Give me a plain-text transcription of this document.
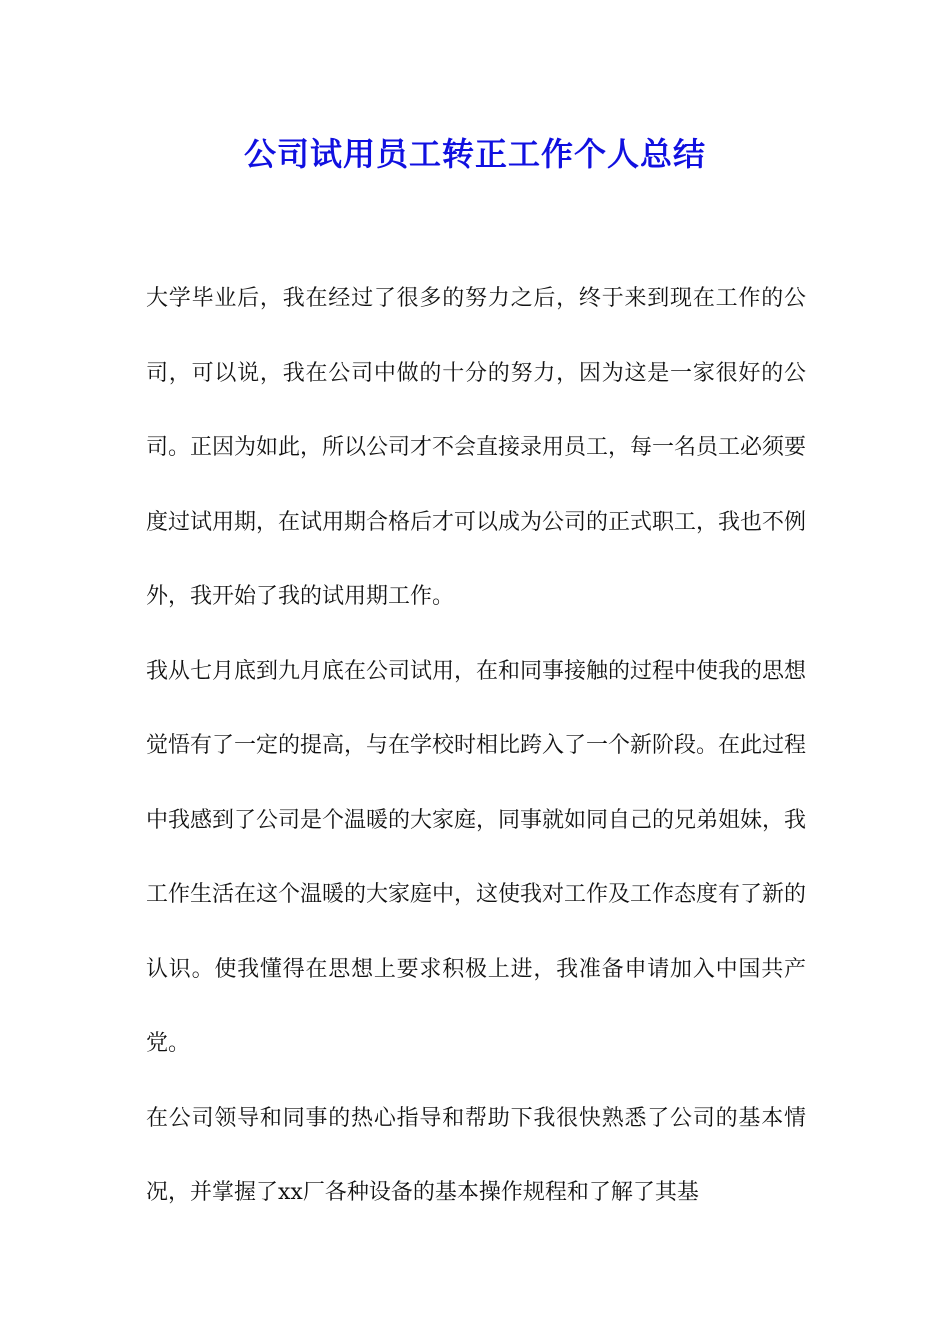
公司试用员工转正工作个人总结

大学毕业后，我在经过了很多的努力之后，终于来到现在工作的公司，可以说，我在公司中做的十分的努力，因为这是一家很好的公司。正因为如此，所以公司才不会直接录用员工，每一名员工必须要度过试用期，在试用期合格后才可以成为公司的正式职工，我也不例外，我开始了我的试用期工作。

我从七月底到九月底在公司试用，在和同事接触的过程中使我的思想觉悟有了一定的提高，与在学校时相比跨入了一个新阶段。在此过程中我感到了公司是个温暖的大家庭，同事就如同自己的兄弟姐妹，我工作生活在这个温暖的大家庭中，这使我对工作及工作态度有了新的认识。使我懂得在思想上要求积极上进，我准备申请加入中国共产党。

在公司领导和同事的热心指导和帮助下我很快熟悉了公司的基本情况，并掌握了xx厂各种设备的基本操作规程和了解了其基
